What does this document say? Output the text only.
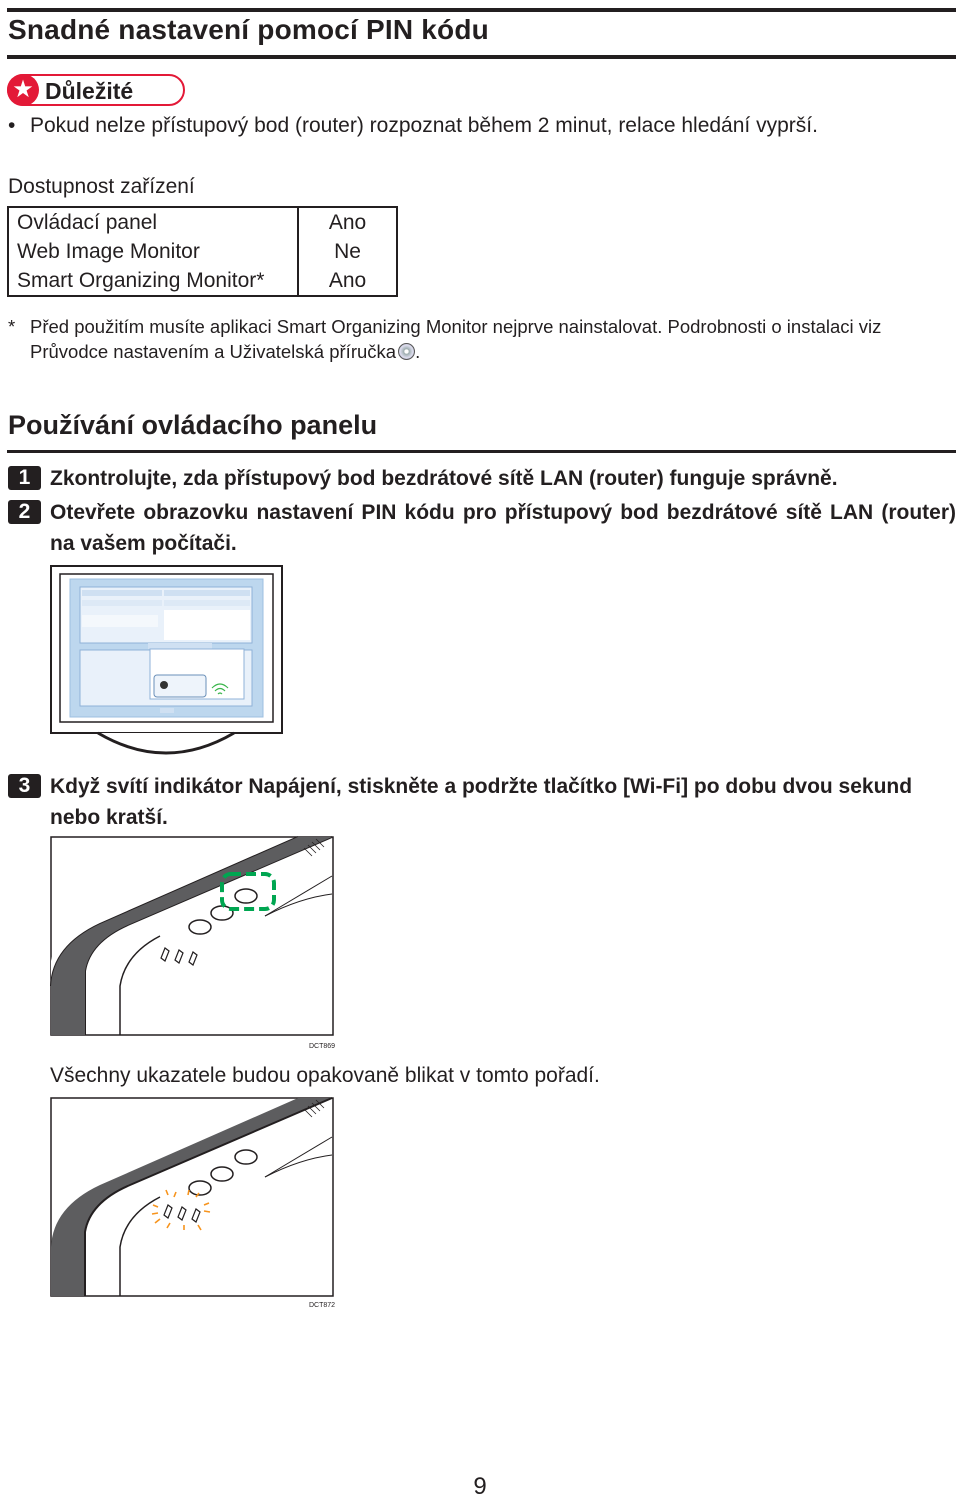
Snadné nastavení pomocí PIN kódu
★ Důležité
• Pokud nelze přístupový bod (router) rozpoznat během 2 minut, relace hledání vyprší.
Dostupnost zařízení
Ovládací panel	Ano
Web Image Monitor	Ne
Smart Organizing Monitor*	Ano
* Před použitím musíte aplikaci Smart Organizing Monitor nejprve nainstalovat. Podrobnosti o instalaci viz Průvodce nastavením a Uživatelská příručka .
Používání ovládacího panelu
1 Zkontrolujte, zda přístupový bod bezdrátové sítě LAN (router) funguje správně.
2 Otevřete obrazovku nastavení PIN kódu pro přístupový bod bezdrátové sítě LAN (router) na vašem počítači.
3 Když svítí indikátor Napájení, stiskněte a podržte tlačítko [Wi-Fi] po dobu dvou sekund nebo kratší.
DCT869
Všechny ukazatele budou opakovaně blikat v tomto pořadí.
DCT872
9
